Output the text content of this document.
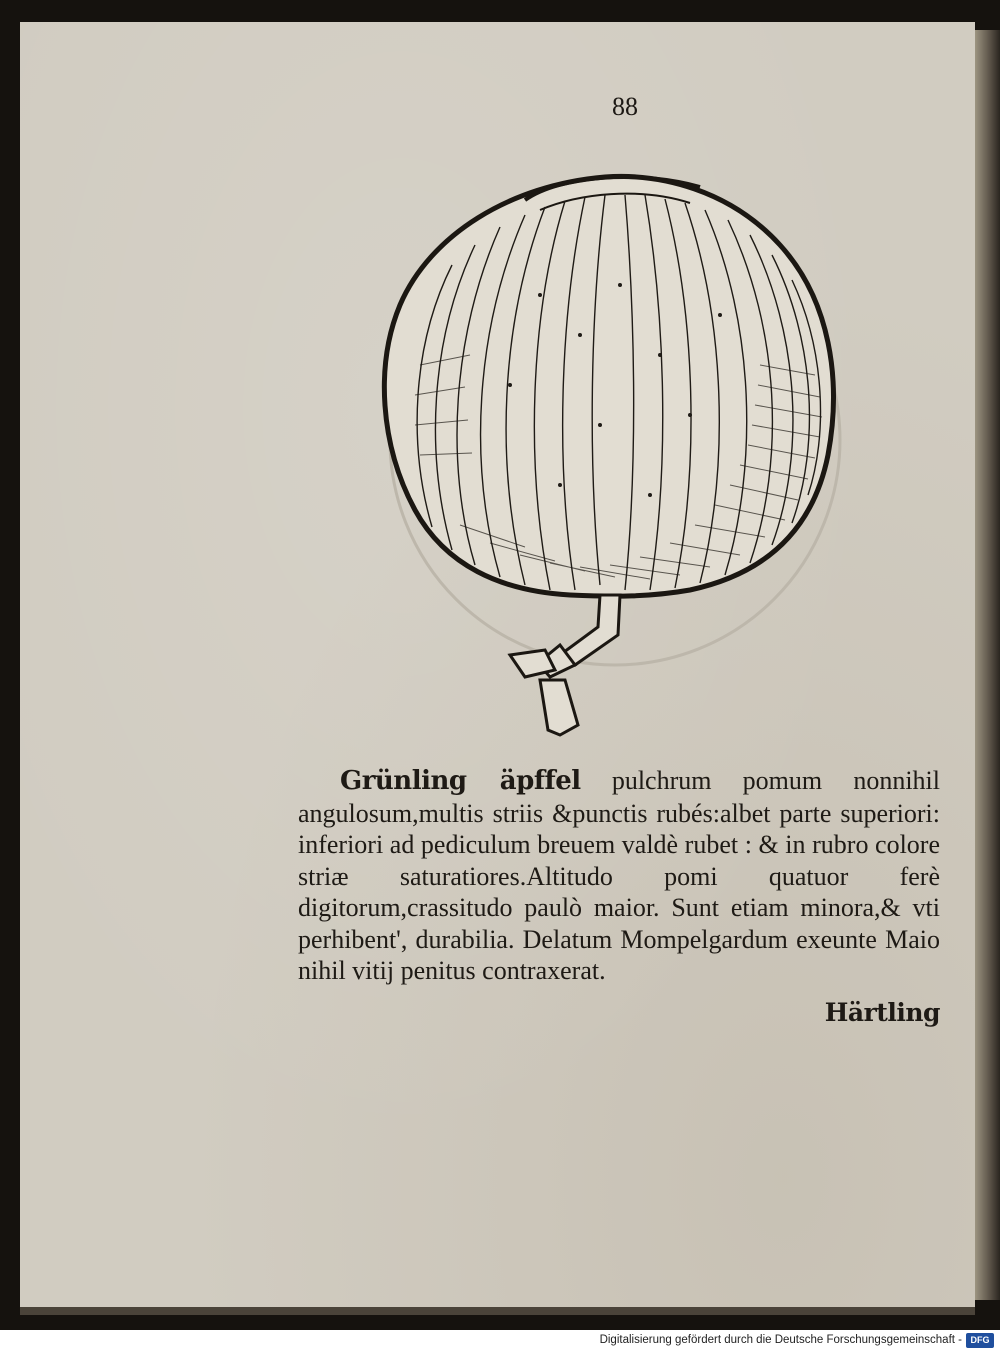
88

Grünling äpffel pulchrum pomum nonnihil angulosum,multis striis &punctis rubés:albet parte superiori: inferiori ad pediculum breuem valdè rubet : & in rubro colore striæ saturatiores.Altitudo pomi quatuor ferè digitorum,crassitudo paulò maior. Sunt etiam minora,& vti perhibent', durabilia. Delatum Mompelgardum exeunte Maio nihil vitij penitus contraxerat.

Härtling
Digitalisierung gefördert durch die Deutsche Forschungsgemeinschaft - DFG
